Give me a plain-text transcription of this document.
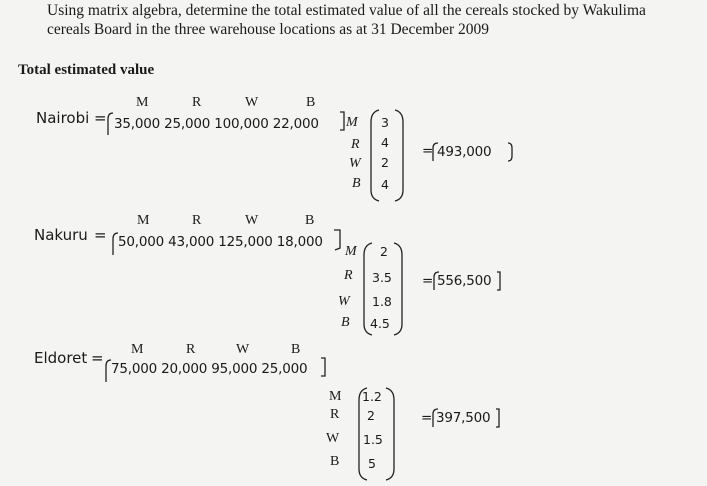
Using matrix algebra, determine the total estimated value of all the cereals stocked by Wakulima
cereals Board in the three warehouse locations as at 31 December 2009
Total estimated value
M	R	W	B
Nairobi = 35,000 25,000 100,000 22,000 M
R
W
B
3
4
2
4
= 493,000
M	R	W	B
Nakuru = 50,000 43,000 125,000 18,000
M
R
W
B
2
3.5
1.8
4.5
= 556,500
M	R	W	B
Eldoret =
75,000 20,000 95,000 25,000
M
R
W
B
1.2
2
1.5
5
= 397,500
